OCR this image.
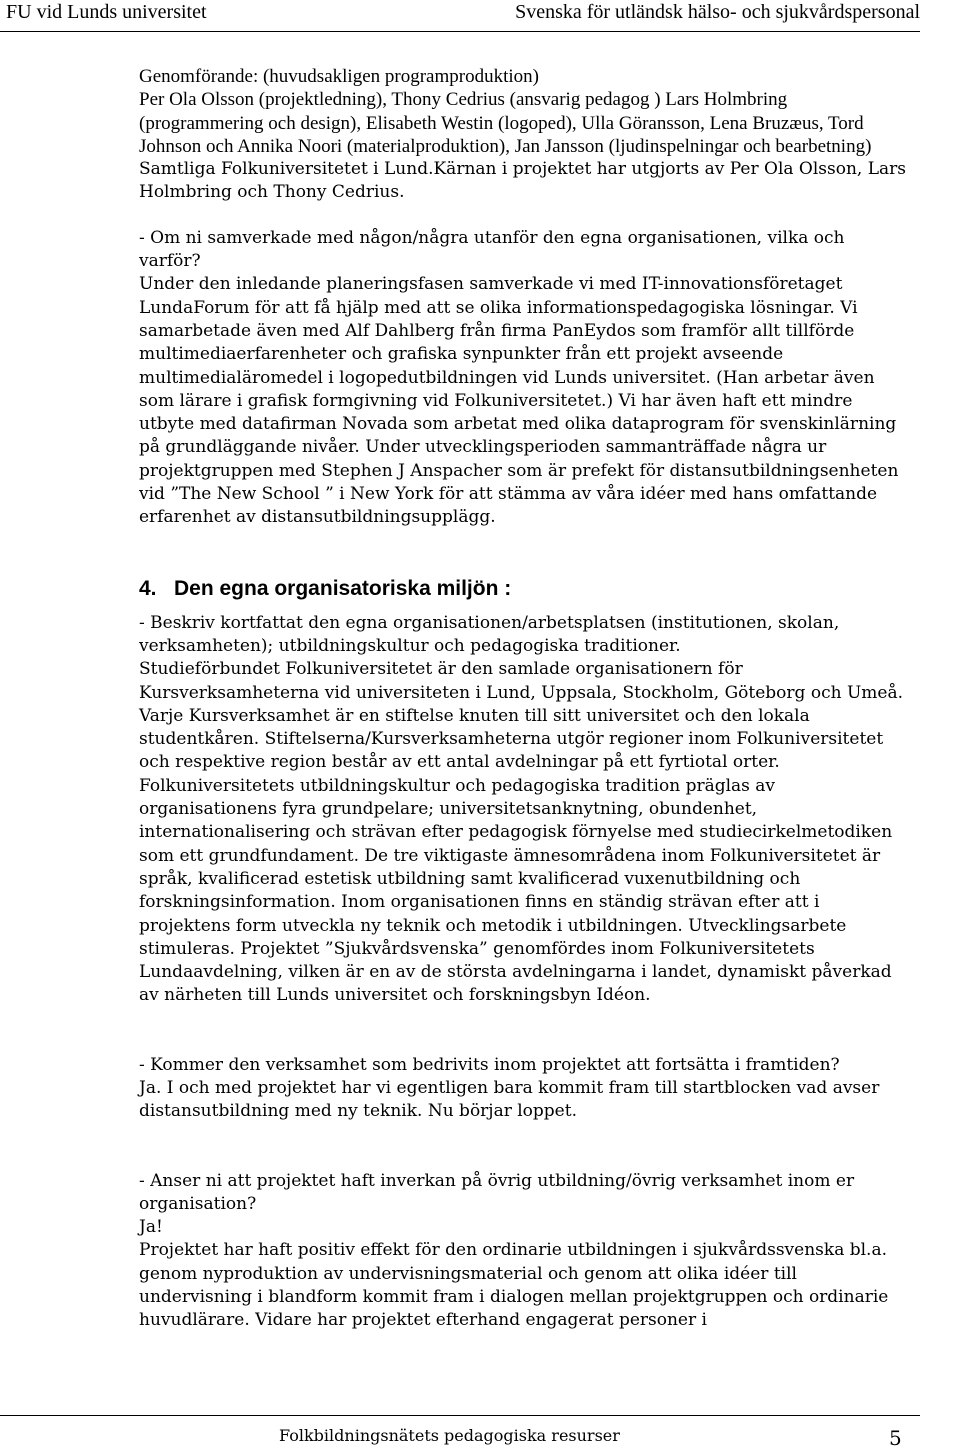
FU vid Lunds universitet	Svenska för utländsk hälso- och sjukvårdspersonal

Genomförande: (huvudsakligen programproduktion)

Per Ola Olsson (projektledning), Thony Cedrius (ansvarig pedagog ) Lars Holmbring (programmering och design), Elisabeth Westin (logoped), Ulla Göransson, Lena Bruzæus, Tord Johnson och Annika Noori (materialproduktion), Jan Jansson (ljudinspelningar och bearbetning)

Samtliga Folkuniversitetet i Lund.Kärnan i projektet har utgjorts av Per Ola Olsson, Lars Holmbring och Thony Cedrius.

- Om ni samverkade med någon/några utanför den egna organisationen, vilka och varför?

Under den inledande planeringsfasen samverkade vi med IT-innovationsföretaget LundaForum för att få hjälp med att se olika informationspedagogiska lösningar. Vi samarbetade även med Alf Dahlberg från firma PanEydos som framför allt tillförde multimediaerfarenheter och grafiska synpunkter från ett projekt avseende multimedialäromedel i logopedutbildningen vid Lunds universitet. (Han arbetar även som lärare i grafisk formgivning vid Folkuniversitetet.) Vi har även haft ett mindre utbyte med datafirman Novada som arbetat med olika dataprogram för svenskinlärning på grundläggande nivåer. Under utvecklingsperioden sammanträffade några ur projektgruppen med Stephen J Anspacher som är prefekt för distansutbildningsenheten vid ”The New School ” i New York för att stämma av våra idéer med hans omfattande erfarenhet av distansutbildningsupplägg.

4. Den egna organisatoriska miljön :

- Beskriv kortfattat den egna organisationen/arbetsplatsen (institutionen, skolan, verksamheten); utbildningskultur och pedagogiska traditioner.

Studieförbundet Folkuniversitetet är den samlade organisationern för Kursverksamheterna vid universiteten i Lund, Uppsala, Stockholm, Göteborg och Umeå. Varje Kursverksamhet är en stiftelse knuten till sitt universitet och den lokala studentkåren. Stiftelserna/Kursverksamheterna utgör regioner inom Folkuniversitetet och respektive region består av ett antal avdelningar på ett fyrtiotal orter. Folkuniversitetets utbildningskultur och pedagogiska tradition präglas av organisationens fyra grundpelare; universitetsanknytning, obundenhet, internationalisering och strävan efter pedagogisk förnyelse med studiecirkelmetodiken som ett grundfundament. De tre viktigaste ämnesområdena inom Folkuniversitetet är språk, kvalificerad estetisk utbildning samt kvalificerad vuxenutbildning och forskningsinformation. Inom organisationen finns en ständig strävan efter att i projektens form utveckla ny teknik och metodik i utbildningen. Utvecklingsarbete stimuleras. Projektet ”Sjukvårdsvenska” genomfördes inom Folkuniversitetets Lundaavdelning, vilken är en av de största avdelningarna i landet, dynamiskt påverkad av närheten till Lunds universitet och forskningsbyn Idéon.

- Kommer den verksamhet som bedrivits inom projektet att fortsätta i framtiden?

Ja. I och med projektet har vi egentligen bara kommit fram till startblocken vad avser distansutbildning med ny teknik. Nu börjar loppet.

- Anser ni att projektet haft inverkan på övrig utbildning/övrig verksamhet inom er organisation?

Ja!

Projektet har haft positiv effekt för den ordinarie utbildningen i sjukvårdssvenska bl.a. genom nyproduktion av undervisningsmaterial och genom att olika idéer till undervisning i blandform kommit fram i dialogen mellan projektgruppen och ordinarie huvudlärare. Vidare har projektet efterhand engagerat personer i

Folkbildningsnätets pedagogiska resurser	5
